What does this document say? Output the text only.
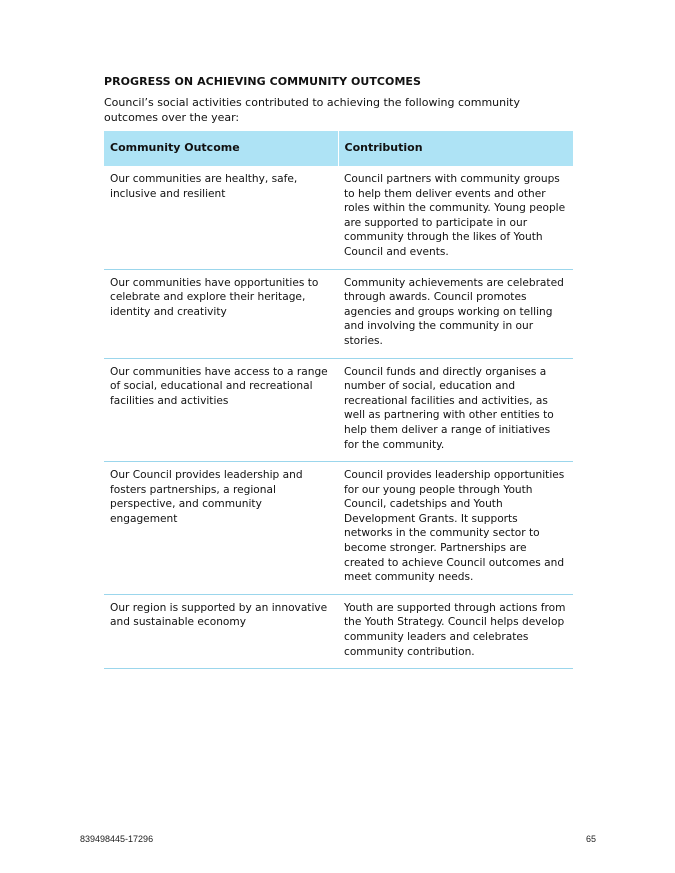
PROGRESS ON ACHIEVING COMMUNITY OUTCOMES

Council’s social activities contributed to achieving the following community outcomes over the year:

Community Outcome	Contribution
Our communities are healthy, safe, inclusive and resilient	Council partners with community groups to help them deliver events and other roles within the community. Young people are supported to participate in our community through the likes of Youth Council and events.
Our communities have opportunities to celebrate and explore their heritage, identity and creativity	Community achievements are celebrated through awards. Council promotes agencies and groups working on telling and involving the community in our stories.
Our communities have access to a range of social, educational and recreational facilities and activities	Council funds and directly organises a number of social, education and recreational facilities and activities, as well as partnering with other entities to help them deliver a range of initiatives for the community.
Our Council provides leadership and fosters partnerships, a regional perspective, and community engagement	Council provides leadership opportunities for our young people through Youth Council, cadetships and Youth Development Grants. It supports networks in the community sector to become stronger. Partnerships are created to achieve Council outcomes and meet community needs.
Our region is supported by an innovative and sustainable economy	Youth are supported through actions from the Youth Strategy. Council helps develop community leaders and celebrates community contribution.
839498445-17296	65
